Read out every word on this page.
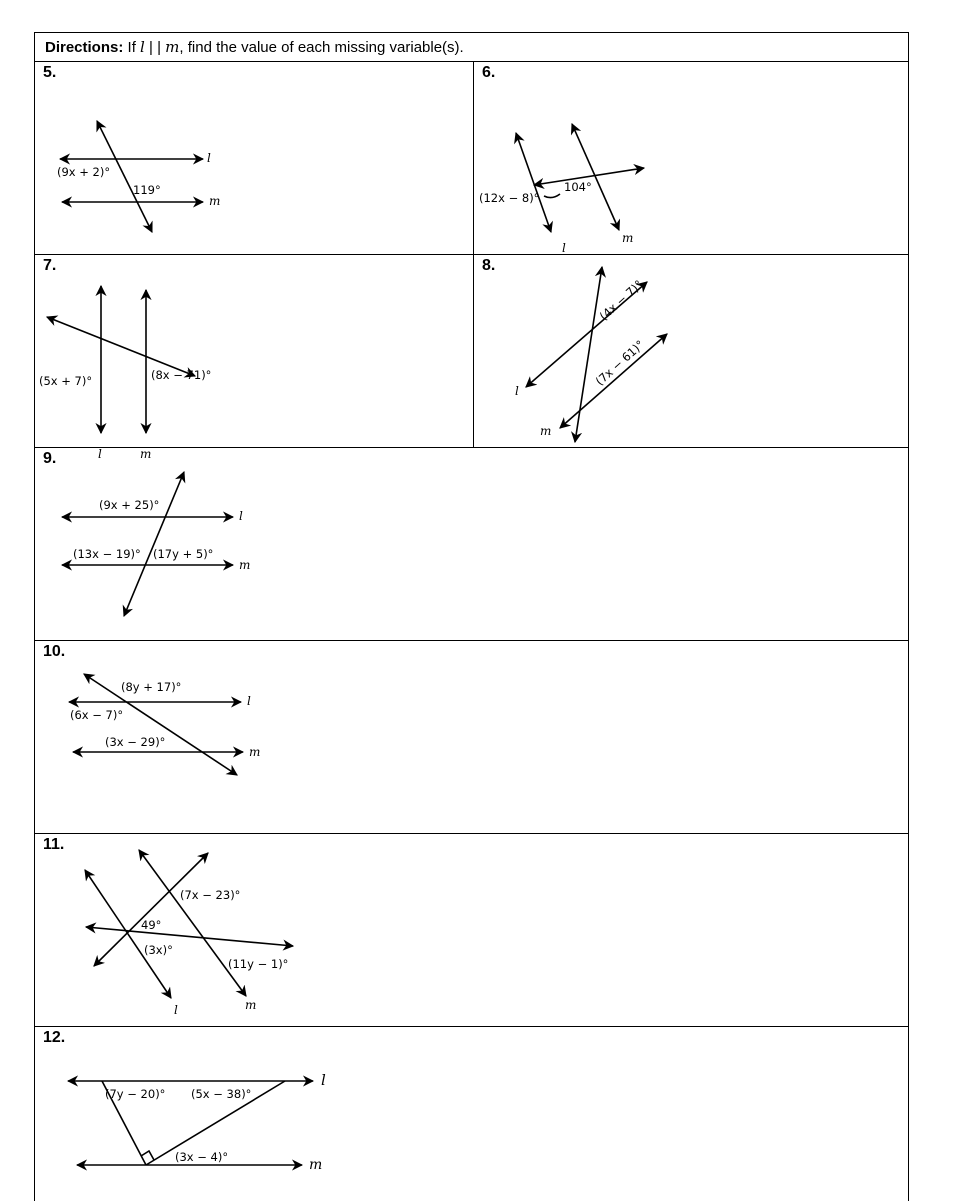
Directions: If l | | m, find the value of each missing variable(s).
5.
(9x + 2)°
119°
l
m
6.
(12x − 8)°
104°
l
m
7.
(5x + 7)°	(8x − 71)°
l	m
8.
(4x − 7)°
(7x − 61)°
l
m
9.
(9x + 25)°
(13x − 19)° (17y + 5)°
l
m
10.
(8y + 17)°
(6x − 7)°
(3x − 29)°
l
m
11.
(7x − 23)°
49°
(3x)°
(11y − 1)°
l	m
12.
(7y − 20)° (5x − 38)°
(3x − 4)°
l
m
